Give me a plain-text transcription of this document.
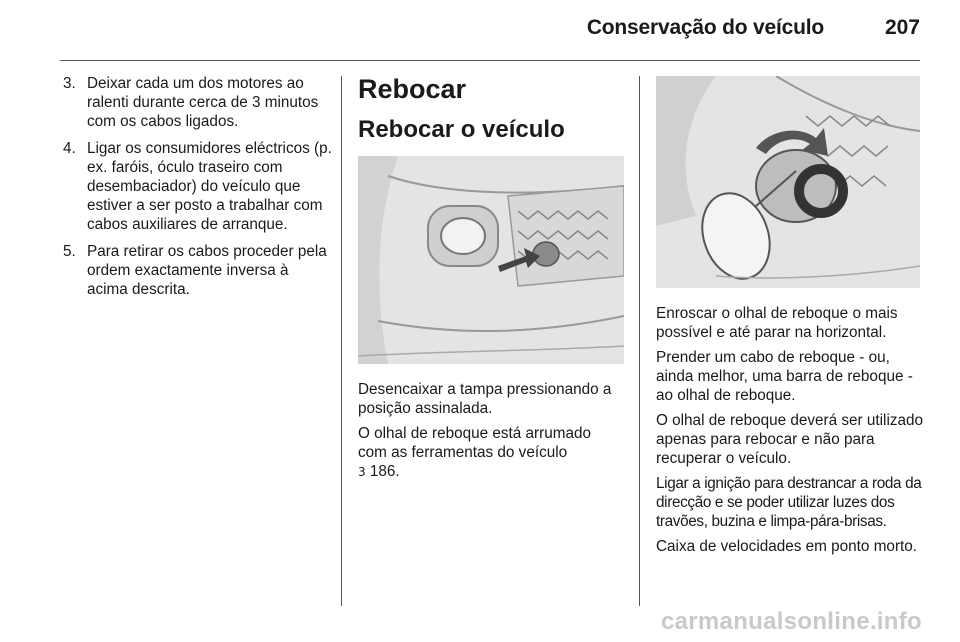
Conservação do veículo	207
3. Deixar cada um dos motores ao ralenti durante cerca de 3 minutos com os cabos ligados.
4. Ligar os consumidores eléctricos (p. ex. faróis, óculo traseiro com desembaciador) do veículo que estiver a ser posto a trabalhar com cabos auxiliares de arranque.
5. Para retirar os cabos proceder pela ordem exactamente inversa à acima descrita.
Rebocar
Rebocar o veículo

Desencaixar a tampa pressionando a posição assinalada.

O olhal de reboque está arrumado com as ferramentas do veículo

3 186.

Enroscar o olhal de reboque o mais possível e até parar na horizontal.

Prender um cabo de reboque - ou, ainda melhor, uma barra de reboque - ao olhal de reboque.

O olhal de reboque deverá ser utilizado apenas para rebocar e não para recuperar o veículo.

Ligar a ignição para destrancar a roda da direcção e se poder utilizar luzes dos travões, buzina e limpa-pára-brisas.

Caixa de velocidades em ponto morto.

carmanualsonline.info
